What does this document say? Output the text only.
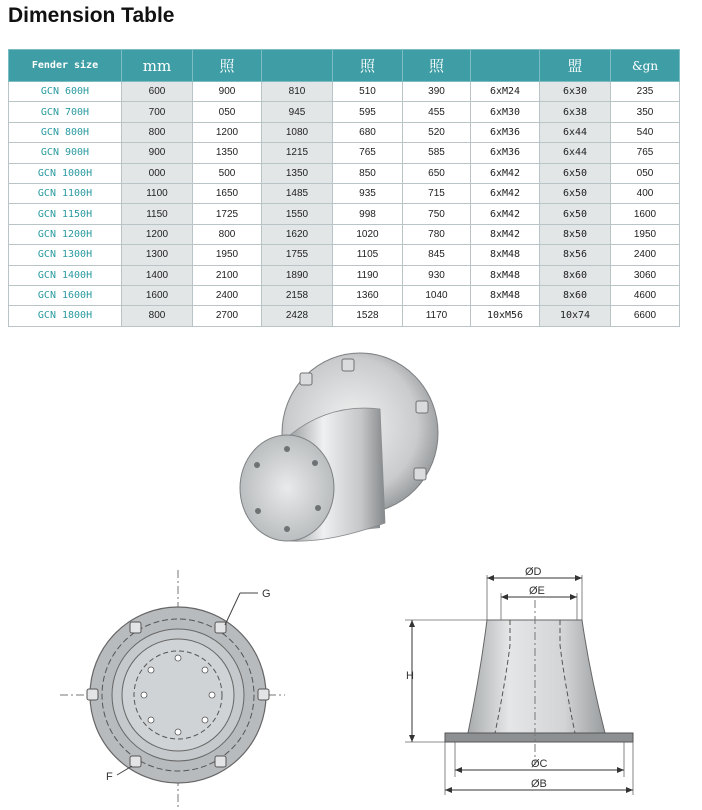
Dimension Table
Fender size	mm	照		照	照		盟	&gn
GCN 600H	600	900	810	510	390	6xM24	6x30	235
GCN 700H	700	050	945	595	455	6xM30	6x38	350
GCN 800H	800	1200	1080	680	520	6xM36	6x44	540
GCN 900H	900	1350	1215	765	585	6xM36	6x44	765
GCN 1000H	000	500	1350	850	650	6xM42	6x50	050
GCN 1100H	1100	1650	1485	935	715	6xM42	6x50	400
GCN 1150H	1150	1725	1550	998	750	6xM42	6x50	1600
GCN 1200H	1200	800	1620	1020	780	8xM42	8x50	1950
GCN 1300H	1300	1950	1755	1105	845	8xM48	8x56	2400
GCN 1400H	1400	2100	1890	1190	930	8xM48	8x60	3060
GCN 1600H	1600	2400	2158	1360	1040	8xM48	8x60	4600
GCN 1800H	800	2700	2428	1528	1170	10xM56	10x74	6600
G
F
ØD
ØE
H
ØC
ØB
